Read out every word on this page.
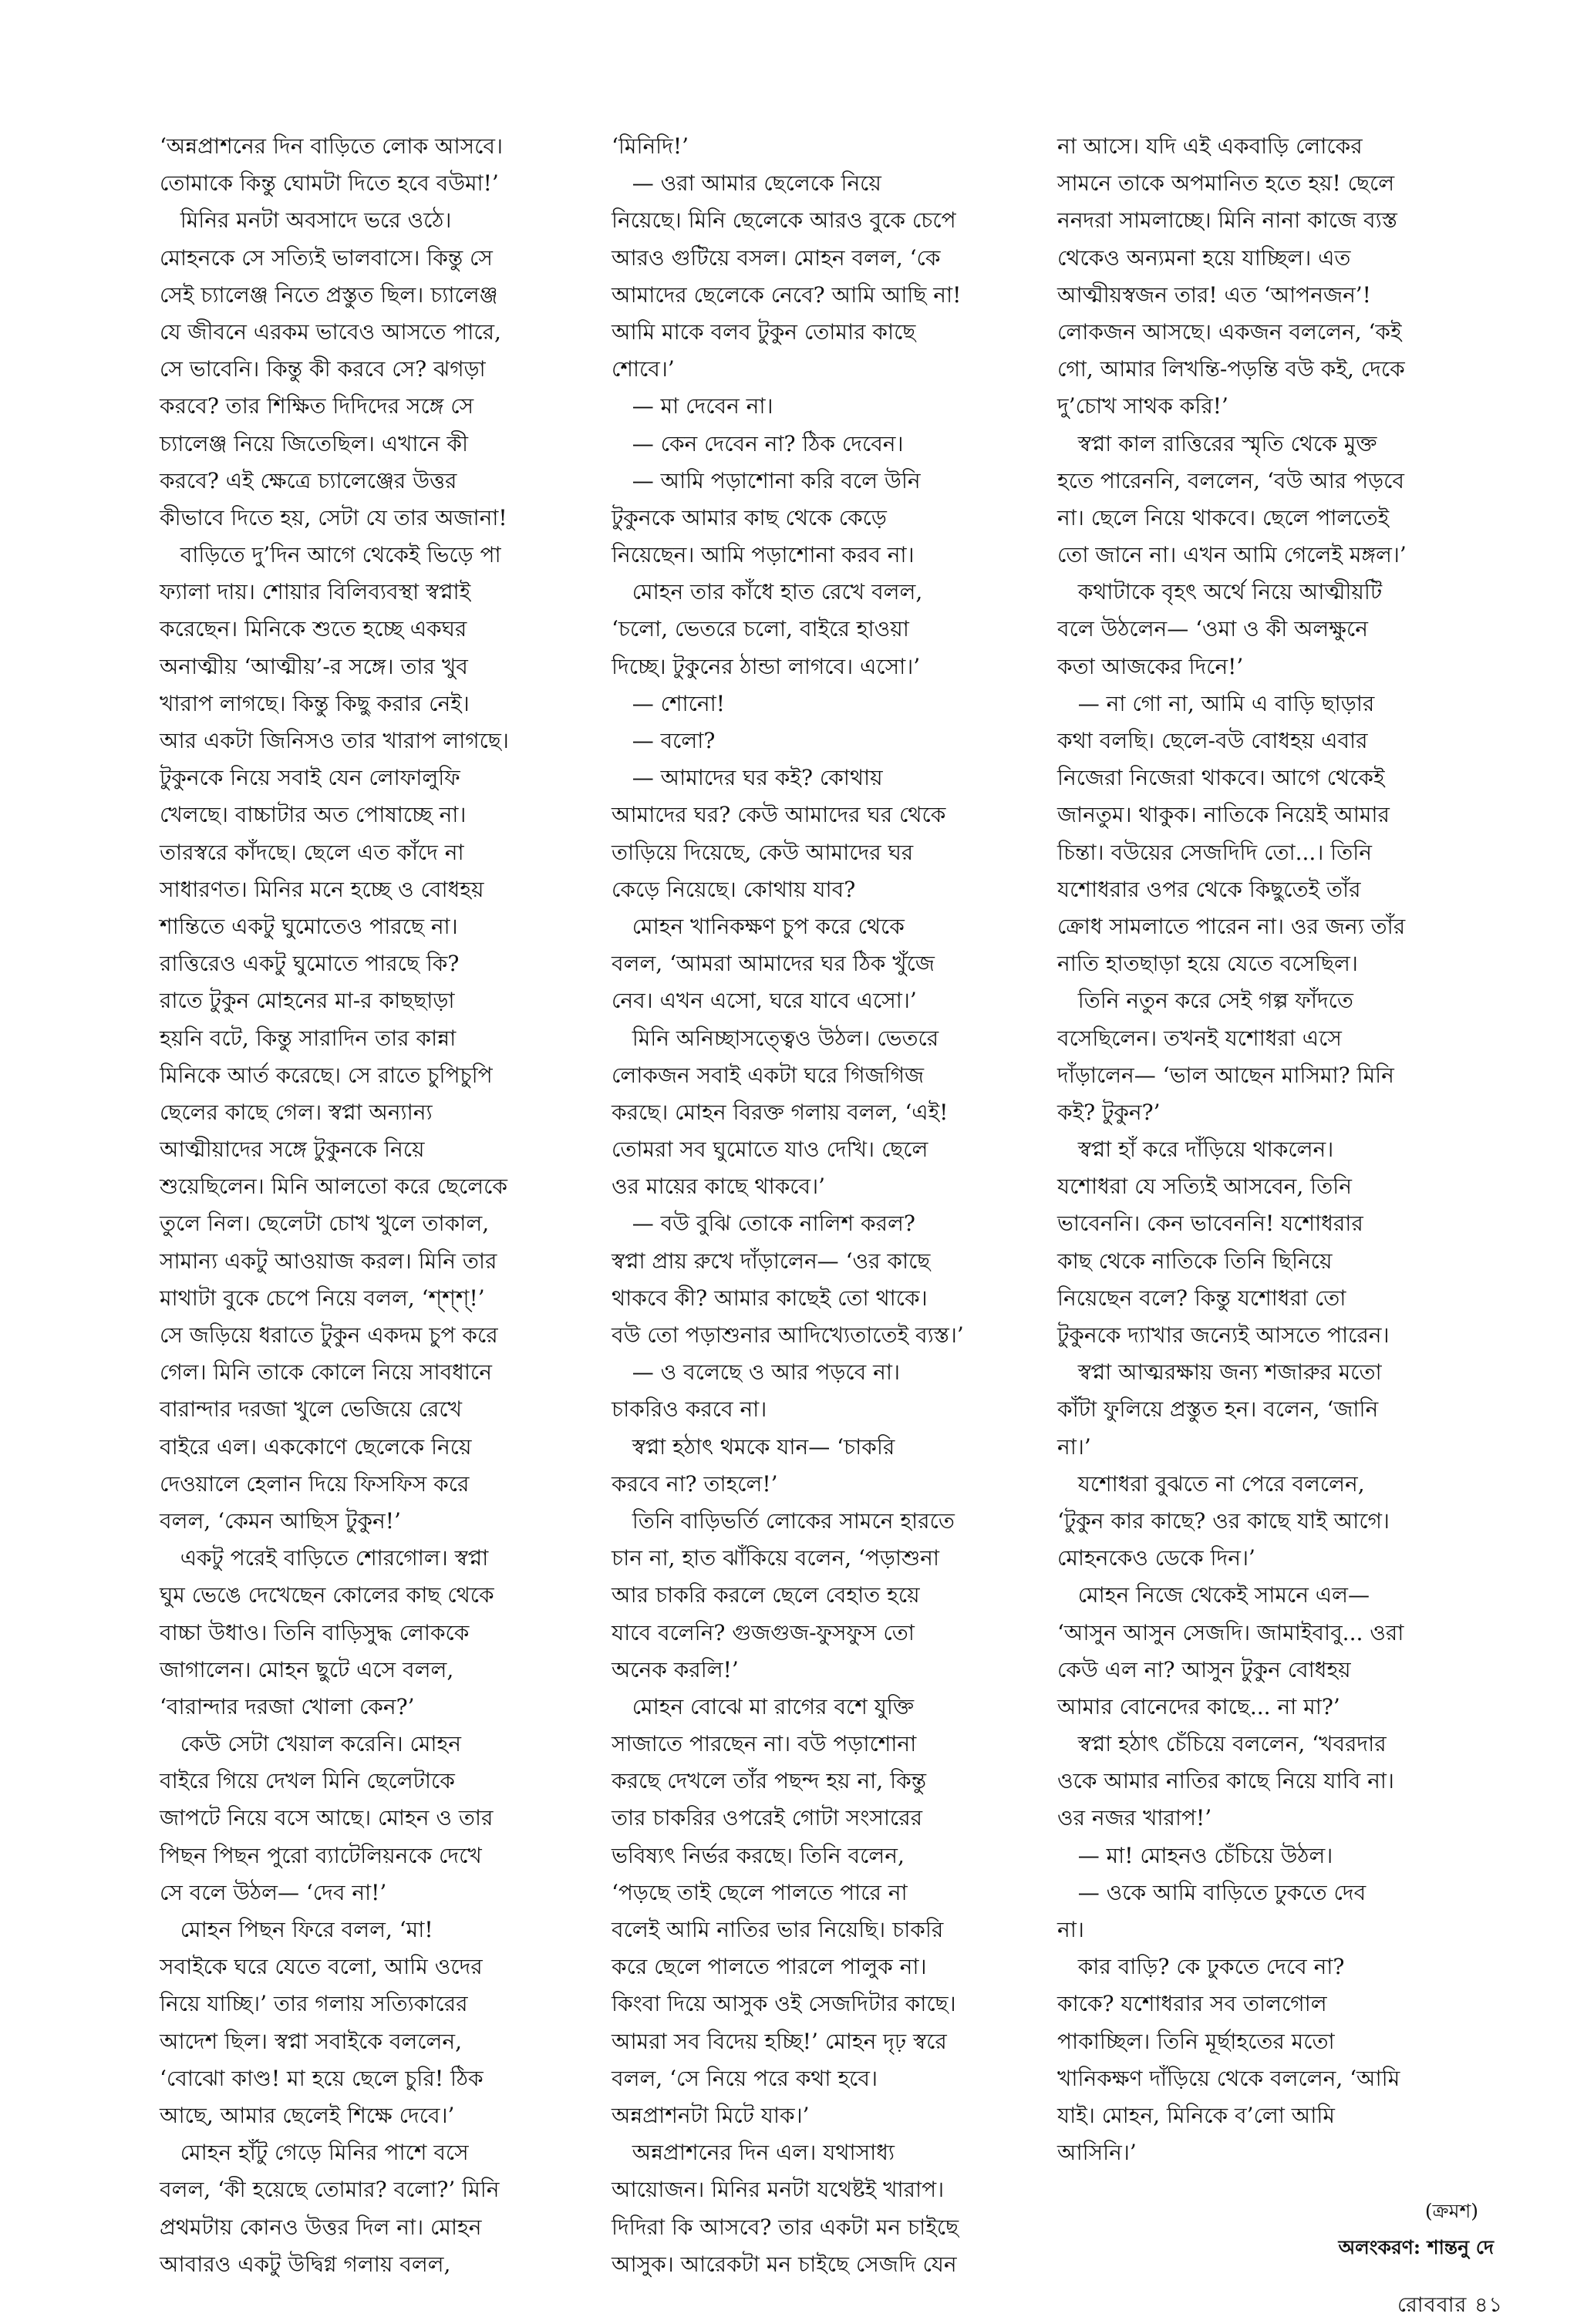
‘অন্নপ্রাশনের দিন বাড়িতে লোক আসবে।
তোমাকে কিন্তু ঘোমটা দিতে হবে বউমা!’
মিনির মনটা অবসাদে ভরে ওঠে।
মোহনকে সে সত্যিই ভালবাসে। কিন্তু সে
সেই চ্যালেঞ্জ নিতে প্রস্তুত ছিল। চ্যালেঞ্জ
যে জীবনে এরকম ভাবেও আসতে পারে,
সে ভাবেনি। কিন্তু কী করবে সে? ঝগড়া
করবে? তার শিক্ষিত দিদিদের সঙ্গে সে
চ্যালেঞ্জ নিয়ে জিতেছিল। এখানে কী
করবে? এই ক্ষেত্রে চ্যালেঞ্জের উত্তর
কীভাবে দিতে হয়, সেটা যে তার অজানা!
বাড়িতে দু’দিন আগে থেকেই ভিড়ে পা
ফ্যালা দায়। শোয়ার বিলিব্যবস্থা স্বপ্নাই
করেছেন। মিনিকে শুতে হচ্ছে একঘর
অনাত্মীয় ‘আত্মীয়’-র সঙ্গে। তার খুব
খারাপ লাগছে। কিন্তু কিছু করার নেই।
আর একটা জিনিসও তার খারাপ লাগছে।
টুকুনকে নিয়ে সবাই যেন লোফালুফি
খেলছে। বাচ্চাটার অত পোষাচ্ছে না।
তারস্বরে কাঁদছে। ছেলে এত কাঁদে না
সাধারণত। মিনির মনে হচ্ছে ও বোধহয়
শান্তিতে একটু ঘুমোতেও পারছে না।
রাত্তিরেও একটু ঘুমোতে পারছে কি?
রাতে টুকুন মোহনের মা-র কাছছাড়া
হয়নি বটে, কিন্তু সারাদিন তার কান্না
মিনিকে আর্ত করেছে। সে রাতে চুপিচুপি
ছেলের কাছে গেল। স্বপ্না অন্যান্য
আত্মীয়াদের সঙ্গে টুকুনকে নিয়ে
শুয়েছিলেন। মিনি আলতো করে ছেলেকে
তুলে নিল। ছেলেটা চোখ খুলে তাকাল,
সামান্য একটু আওয়াজ করল। মিনি তার
মাথাটা বুকে চেপে নিয়ে বলল, ‘শ্‌শ্‌শ্‌!’
সে জড়িয়ে ধরাতে টুকুন একদম চুপ করে
গেল। মিনি তাকে কোলে নিয়ে সাবধানে
বারান্দার দরজা খুলে ভেজিয়ে রেখে
বাইরে এল। এককোণে ছেলেকে নিয়ে
দেওয়ালে হেলান দিয়ে ফিসফিস করে
বলল, ‘কেমন আছিস টুকুন!’
একটু পরেই বাড়িতে শোরগোল। স্বপ্না
ঘুম ভেঙে দেখেছেন কোলের কাছ থেকে
বাচ্চা উধাও। তিনি বাড়িসুদ্ধ লোককে
জাগালেন। মোহন ছুটে এসে বলল,
‘বারান্দার দরজা খোলা কেন?’
কেউ সেটা খেয়াল করেনি। মোহন
বাইরে গিয়ে দেখল মিনি ছেলেটাকে
জাপটে নিয়ে বসে আছে। মোহন ও তার
পিছন পিছন পুরো ব্যাটেলিয়নকে দেখে
সে বলে উঠল— ‘দেব না!’
মোহন পিছন ফিরে বলল, ‘মা!
সবাইকে ঘরে যেতে বলো, আমি ওদের
নিয়ে যাচ্ছি।’ তার গলায় সত্যিকারের
আদেশ ছিল। স্বপ্না সবাইকে বললেন,
‘বোঝো কাণ্ড! মা হয়ে ছেলে চুরি! ঠিক
আছে, আমার ছেলেই শিক্ষে দেবে।’
মোহন হাঁটু গেড়ে মিনির পাশে বসে
বলল, ‘কী হয়েছে তোমার? বলো?’ মিনি
প্রথমটায় কোনও উত্তর দিল না। মোহন
আবারও একটু উদ্বিগ্ন গলায় বলল,
‘মিনিদি!’
— ওরা আমার ছেলেকে নিয়ে
নিয়েছে। মিনি ছেলেকে আরও বুকে চেপে
আরও গুটিয়ে বসল। মোহন বলল, ‘কে
আমাদের ছেলেকে নেবে? আমি আছি না!
আমি মাকে বলব টুকুন তোমার কাছে
শোবে।’
— মা দেবেন না।
— কেন দেবেন না? ঠিক দেবেন।
— আমি পড়াশোনা করি বলে উনি
টুকুনকে আমার কাছ থেকে কেড়ে
নিয়েছেন। আমি পড়াশোনা করব না।
মোহন তার কাঁধে হাত রেখে বলল,
‘চলো, ভেতরে চলো, বাইরে হাওয়া
দিচ্ছে। টুকুনের ঠান্ডা লাগবে। এসো।’
— শোনো!
— বলো?
— আমাদের ঘর কই? কোথায়
আমাদের ঘর? কেউ আমাদের ঘর থেকে
তাড়িয়ে দিয়েছে, কেউ আমাদের ঘর
কেড়ে নিয়েছে। কোথায় যাব?
মোহন খানিকক্ষণ চুপ করে থেকে
বলল, ‘আমরা আমাদের ঘর ঠিক খুঁজে
নেব। এখন এসো, ঘরে যাবে এসো।’
মিনি অনিচ্ছাসত্ত্বেও উঠল। ভেতরে
লোকজন সবাই একটা ঘরে গিজগিজ
করছে। মোহন বিরক্ত গলায় বলল, ‘এই!
তোমরা সব ঘুমোতে যাও দেখি। ছেলে
ওর মায়ের কাছে থাকবে।’
— বউ বুঝি তোকে নালিশ করল?
স্বপ্না প্রায় রুখে দাঁড়ালেন— ‘ওর কাছে
থাকবে কী? আমার কাছেই তো থাকে।
বউ তো পড়াশুনার আদিখ্যেতাতেই ব্যস্ত।’
— ও বলেছে ও আর পড়বে না।
চাকরিও করবে না।
স্বপ্না হঠাৎ থমকে যান— ‘চাকরি
করবে না? তাহলে!’
তিনি বাড়িভর্তি লোকের সামনে হারতে
চান না, হাত ঝাঁকিয়ে বলেন, ‘পড়াশুনা
আর চাকরি করলে ছেলে বেহাত হয়ে
যাবে বলেনি? গুজগুজ-ফুসফুস তো
অনেক করলি!’
মোহন বোঝে মা রাগের বশে যুক্তি
সাজাতে পারছেন না। বউ পড়াশোনা
করছে দেখলে তাঁর পছন্দ হয় না, কিন্তু
তার চাকরির ওপরেই গোটা সংসারের
ভবিষ্যৎ নির্ভর করছে। তিনি বলেন,
‘পড়ছে তাই ছেলে পালতে পারে না
বলেই আমি নাতির ভার নিয়েছি। চাকরি
করে ছেলে পালতে পারলে পালুক না।
কিংবা দিয়ে আসুক ওই সেজদিটার কাছে।
আমরা সব বিদেয় হচ্ছি!’ মোহন দৃঢ় স্বরে
বলল, ‘সে নিয়ে পরে কথা হবে।
অন্নপ্রাশনটা মিটে যাক।’
অন্নপ্রাশনের দিন এল। যথাসাধ্য
আয়োজন। মিনির মনটা যথেষ্টই খারাপ।
দিদিরা কি আসবে? তার একটা মন চাইছে
আসুক। আরেকটা মন চাইছে সেজদি যেন
না আসে। যদি এই একবাড়ি লোকের
সামনে তাকে অপমানিত হতে হয়! ছেলে
ননদরা সামলাচ্ছে। মিনি নানা কাজে ব্যস্ত
থেকেও অন্যমনা হয়ে যাচ্ছিল। এত
আত্মীয়স্বজন তার! এত ‘আপনজন’!
লোকজন আসছে। একজন বললেন, ‘কই
গো, আমার লিখন্তি-পড়ন্তি বউ কই, দেকে
দু’চোখ সাথক করি!’
স্বপ্না কাল রাত্তিরের স্মৃতি থেকে মুক্ত
হতে পারেননি, বললেন, ‘বউ আর পড়বে
না। ছেলে নিয়ে থাকবে। ছেলে পালতেই
তো জানে না। এখন আমি গেলেই মঙ্গল।’
কথাটাকে বৃহৎ অর্থে নিয়ে আত্মীয়টি
বলে উঠলেন— ‘ওমা ও কী অলক্ষুনে
কতা আজকের দিনে!’
— না গো না, আমি এ বাড়ি ছাড়ার
কথা বলছি। ছেলে-বউ বোধহয় এবার
নিজেরা নিজেরা থাকবে। আগে থেকেই
জানতুম। থাকুক। নাতিকে নিয়েই আমার
চিন্তা। বউয়ের সেজদিদি তো...। তিনি
যশোধরার ওপর থেকে কিছুতেই তাঁর
ক্রোধ সামলাতে পারেন না। ওর জন্য তাঁর
নাতি হাতছাড়া হয়ে যেতে বসেছিল।
তিনি নতুন করে সেই গল্প ফাঁদতে
বসেছিলেন। তখনই যশোধরা এসে
দাঁড়ালেন— ‘ভাল আছেন মাসিমা? মিনি
কই? টুকুন?’
স্বপ্না হাঁ করে দাঁড়িয়ে থাকলেন।
যশোধরা যে সত্যিই আসবেন, তিনি
ভাবেননি। কেন ভাবেননি! যশোধরার
কাছ থেকে নাতিকে তিনি ছিনিয়ে
নিয়েছেন বলে? কিন্তু যশোধরা তো
টুকুনকে দ্যাখার জন্যেই আসতে পারেন।
স্বপ্না আত্মরক্ষায় জন্য শজারুর মতো
কাঁটা ফুলিয়ে প্রস্তুত হন। বলেন, ‘জানি
না।’
যশোধরা বুঝতে না পেরে বললেন,
‘টুকুন কার কাছে? ওর কাছে যাই আগে।
মোহনকেও ডেকে দিন।’
মোহন নিজে থেকেই সামনে এল—
‘আসুন আসুন সেজদি। জামাইবাবু... ওরা
কেউ এল না? আসুন টুকুন বোধহয়
আমার বোনেদের কাছে... না মা?’
স্বপ্না হঠাৎ চেঁচিয়ে বললেন, ‘খবরদার
ওকে আমার নাতির কাছে নিয়ে যাবি না।
ওর নজর খারাপ!’
— মা! মোহনও চেঁচিয়ে উঠল।
— ওকে আমি বাড়িতে ঢুকতে দেব
না।
কার বাড়ি? কে ঢুকতে দেবে না?
কাকে? যশোধরার সব তালগোল
পাকাচ্ছিল। তিনি মূর্ছাহতের মতো
খানিকক্ষণ দাঁড়িয়ে থেকে বললেন, ‘আমি
যাই। মোহন, মিনিকে ব’লো আমি
আসিনি।’
(ক্রমশ)
অলংকরণ: শান্তনু দে
রোববার ৪১
